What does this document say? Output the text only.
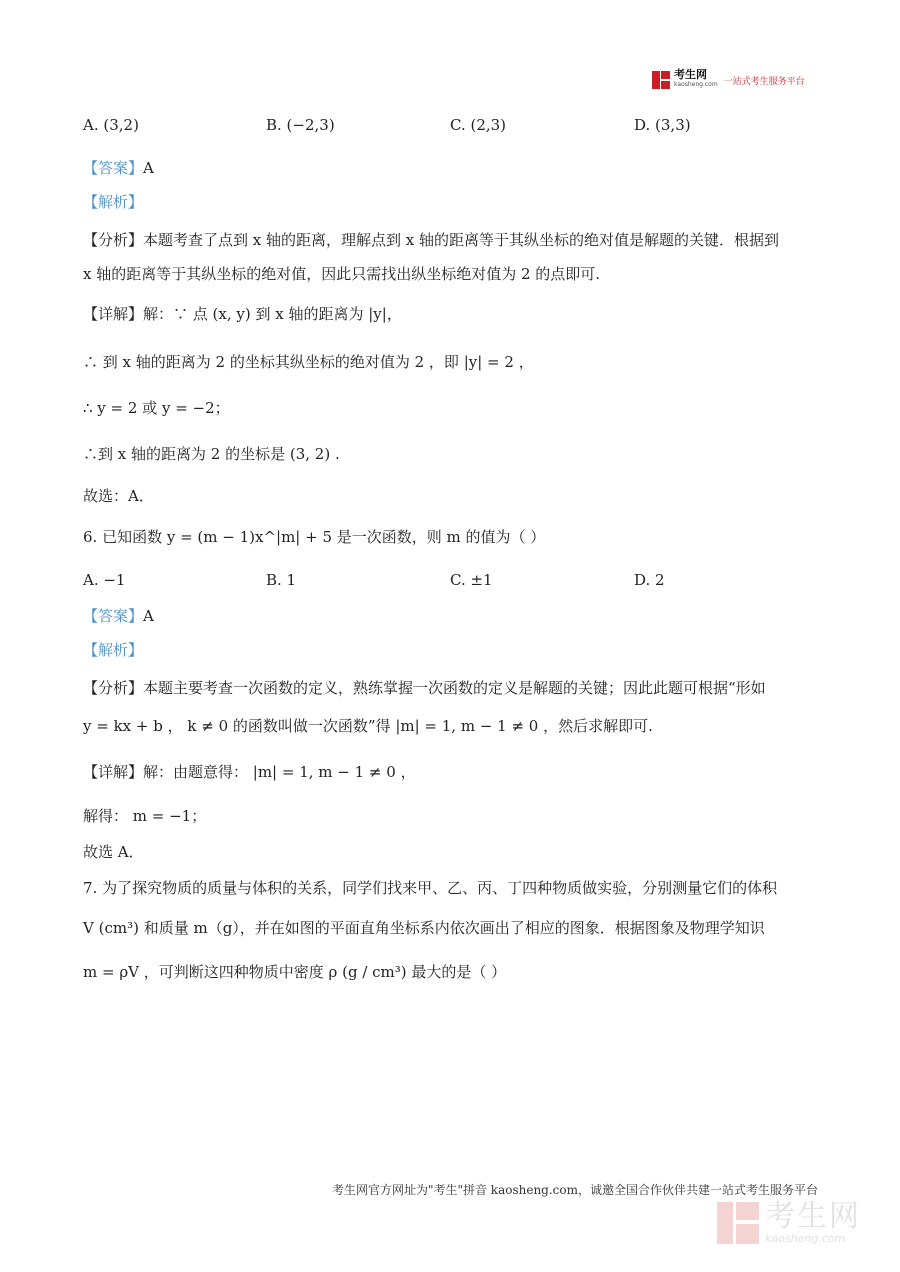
考生网
kaosheng.com 一站式考生服务平台
A. (3,2)	B. (−2,3)	C. (2,3)	D. (3,3)
【答案】A
【解析】
【分析】本题考查了点到 x 轴的距离，理解点到 x 轴的距离等于其纵坐标的绝对值是解题的关键．根据到
x 轴的距离等于其纵坐标的绝对值，因此只需找出纵坐标绝对值为 2 的点即可.
【详解】解：∵ 点 (x, y) 到 x 轴的距离为 |y|，
∴ 到 x 轴的距离为 2 的坐标其纵坐标的绝对值为 2 ，即 |y| = 2 ，
∴ y = 2 或 y = −2；
∴到 x 轴的距离为 2 的坐标是 (3, 2) .
故选：A．
6. 已知函数 y = (m − 1)x^|m| + 5 是一次函数，则 m 的值为（ ）
A. −1	B. 1	C. ±1	D. 2
【答案】A
【解析】
【分析】本题主要考查一次函数的定义，熟练掌握一次函数的定义是解题的关键；因此此题可根据“形如
y = kx + b ， k ≠ 0 的函数叫做一次函数”得 |m| = 1, m − 1 ≠ 0 ，然后求解即可.
【详解】解：由题意得： |m| = 1, m − 1 ≠ 0 ，
解得： m = −1；
故选 A．
7. 为了探究物质的质量与体积的关系，同学们找来甲、乙、丙、丁四种物质做实验，分别测量它们的体积
V (cm³) 和质量 m（g），并在如图的平面直角坐标系内依次画出了相应的图象．根据图象及物理学知识
m = ρV ，可判断这四种物质中密度 ρ (g / cm³) 最大的是（ ）
考生网官方网址为"考生"拼音 kaosheng.com，诚邀全国合作伙伴共建一站式考生服务平台
考生网
kaosheng.com
